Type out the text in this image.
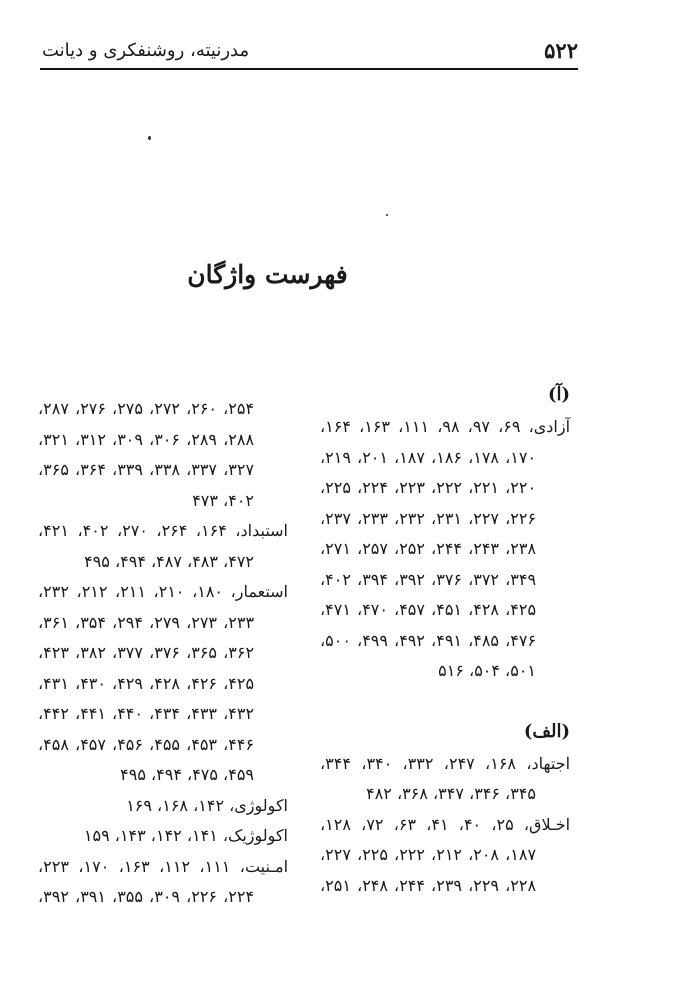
۵۲۲
مدرنیته، روشنفکری و دیانت
فهرست واژگان
(آ)
آزادی، ۶۹، ۹۷، ۹۸، ۱۱۱، ۱۶۳، ۱۶۴،
۱۷۰، ۱۷۸، ۱۸۶، ۱۸۷، ۲۰۱، ۲۱۹،
۲۲۰، ۲۲۱، ۲۲۲، ۲۲۳، ۲۲۴، ۲۲۵،
۲۲۶، ۲۲۷، ۲۳۱، ۲۳۲، ۲۳۳، ۲۳۷،
۲۳۸، ۲۴۳، ۲۴۴، ۲۵۲، ۲۵۷، ۲۷۱،
۳۴۹، ۳۷۲، ۳۷۶، ۳۹۲، ۳۹۴، ۴۰۲،
۴۲۵، ۴۲۸، ۴۵۱، ۴۵۷، ۴۷۰، ۴۷۱،
۴۷۶، ۴۸۵، ۴۹۱، ۴۹۲، ۴۹۹، ۵۰۰،
۵۰۱، ۵۰۴، ۵۱۶
(الف)
اجتهاد، ۱۶۸، ۲۴۷، ۳۳۲، ۳۴۰، ۳۴۴،
۳۴۵، ۳۴۶، ۳۴۷، ۳۶۸، ۴۸۲
اخـلاق، ۲۵، ۴۰، ۴۱، ۶۳، ۷۲، ۱۲۸،
۱۸۷، ۲۰۸، ۲۱۲، ۲۲۲، ۲۲۵، ۲۲۷،
۲۲۸، ۲۲۹، ۲۳۹، ۲۴۴، ۲۴۸، ۲۵۱،
۲۵۴، ۲۶۰، ۲۷۲، ۲۷۵، ۲۷۶، ۲۸۷،
۲۸۸، ۲۸۹، ۳۰۶، ۳۰۹، ۳۱۲، ۳۲۱،
۳۲۷، ۳۳۷، ۳۳۸، ۳۳۹، ۳۶۴، ۳۶۵،
۴۰۲، ۴۷۳
استبداد، ۱۶۴، ۲۶۴، ۲۷۰، ۴۰۲، ۴۲۱،
۴۷۲، ۴۸۳، ۴۸۷، ۴۹۴، ۴۹۵
استعمار، ۱۸۰، ۲۱۰، ۲۱۱، ۲۱۲، ۲۳۲،
۲۳۳، ۲۷۳، ۲۷۹، ۲۹۴، ۳۵۴، ۳۶۱،
۳۶۲، ۳۶۵، ۳۷۶، ۳۷۷، ۳۸۲، ۴۲۳،
۴۲۵، ۴۲۶، ۴۲۸، ۴۲۹، ۴۳۰، ۴۳۱،
۴۳۲، ۴۳۳، ۴۳۴، ۴۴۰، ۴۴۱، ۴۴۲،
۴۴۶، ۴۵۳، ۴۵۵، ۴۵۶، ۴۵۷، ۴۵۸،
۴۵۹، ۴۷۵، ۴۹۴، ۴۹۵
اکولوژی، ۱۴۲، ۱۶۸، ۱۶۹
اکولوژیک، ۱۴۱، ۱۴۲، ۱۴۳، ۱۵۹
امـنیت، ۱۱۱، ۱۱۲، ۱۶۳، ۱۷۰، ۲۲۳،
۲۲۴، ۲۲۶، ۳۰۹، ۳۵۵، ۳۹۱، ۳۹۲،
